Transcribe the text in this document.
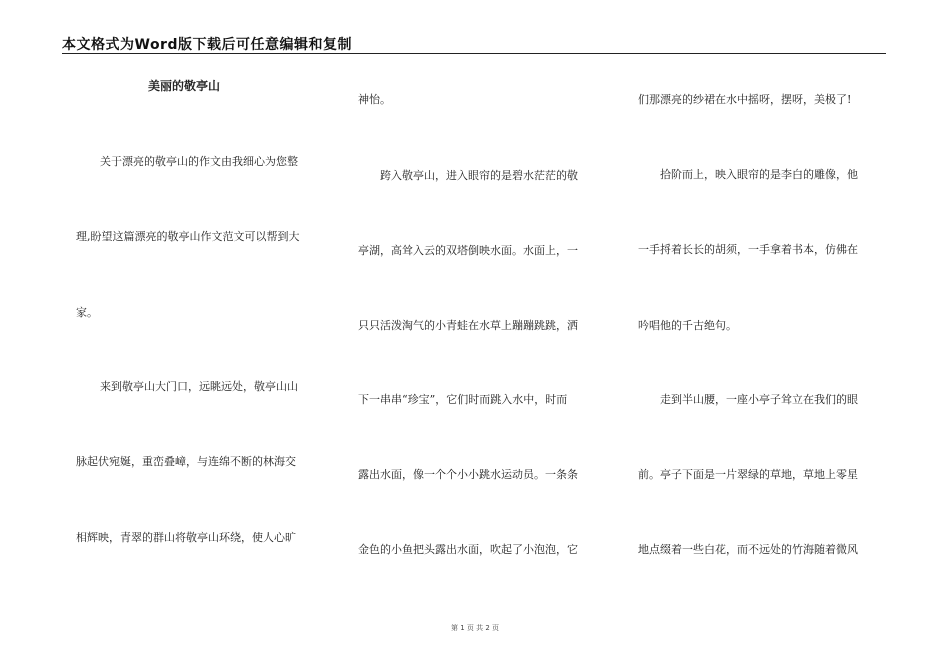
本文格式为Word版下载后可任意编辑和复制
美丽的敬亭山
　　关于漂亮的敬亭山的作文由我细心为您整
理,盼望这篇漂亮的敬亭山作文范文可以帮到大
家。
　　来到敬亭山大门口，远眺远处，敬亭山山
脉起伏宛娫，重峦叠嶂，与连绵不断的林海交
相辉映，青翠的群山将敬亭山环绕，使人心旷
神怡。
　　跨入敬亭山，进入眼帘的是碧水茫茫的敬
亭湖，高耸入云的双塔倒映水面。水面上，一
只只活泼淘气的小青蛙在水草上蹦蹦跳跳，洒
下一串串“珍宝”，它们时而跳入水中，时而
露出水面，像一个个小小跳水运动员。一条条
金色的小鱼把头露出水面，吹起了小泡泡，它
们那漂亮的纱裙在水中摇呀，摆呀，美极了!
　　拾阶而上，映入眼帘的是李白的雕像，他
一手捋着长长的胡须，一手拿着书本，仿佛在
吟唱他的千古绝句。
　　走到半山腰，一座小亭子耸立在我们的眼
前。亭子下面是一片翠绿的草地，草地上零星
地点缀着一些白花，而不远处的竹海随着微风
第 1 页 共 2 页
